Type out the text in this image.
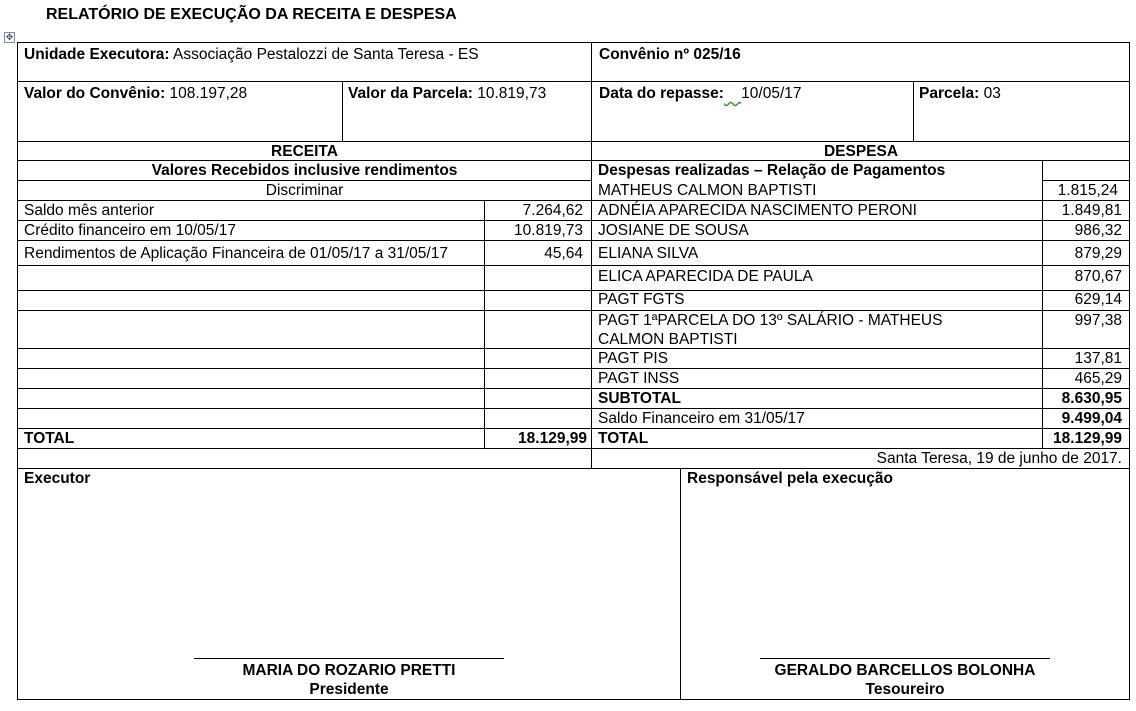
RELATÓRIO DE EXECUÇÃO DA RECEITA E DESPESA
✥
Unidade Executora: Associação Pestalozzi de Santa Teresa - ES	Convênio nº 025/16
Valor do Convênio: 108.197,28	Valor da Parcela: 10.819,73	Data do repasse: 10/05/17	Parcela: 03
RECEITA	DESPESA
Valores Recebidos inclusive rendimentos	Despesas realizadas – Relação de Pagamentos
Discriminar
Saldo mês anterior	7.264,62
Crédito financeiro em 10/05/17	10.819,73
Rendimentos de Aplicação Financeira de 01/05/17 a 31/05/17	45,64
TOTAL	18.129,99
MATHEUS CALMON BAPTISTI	1.815,24
ADNÉIA APARECIDA NASCIMENTO PERONI	1.849,81
JOSIANE DE SOUSA	986,32
ELIANA SILVA	879,29
ELICA APARECIDA DE PAULA	870,67
PAGT FGTS	629,14
PAGT 1ªPARCELA DO 13º SALÁRIO - MATHEUS
CALMON BAPTISTI
997,38
PAGT PIS	137,81
PAGT INSS	465,29
SUBTOTAL	8.630,95
Saldo Financeiro em 31/05/17	9.499,04
TOTAL	18.129,99
Santa Teresa, 19 de junho de 2017.
Executor	Responsável pela execução
MARIA DO ROZARIO PRETTI
Presidente
GERALDO BARCELLOS BOLONHA
Tesoureiro
